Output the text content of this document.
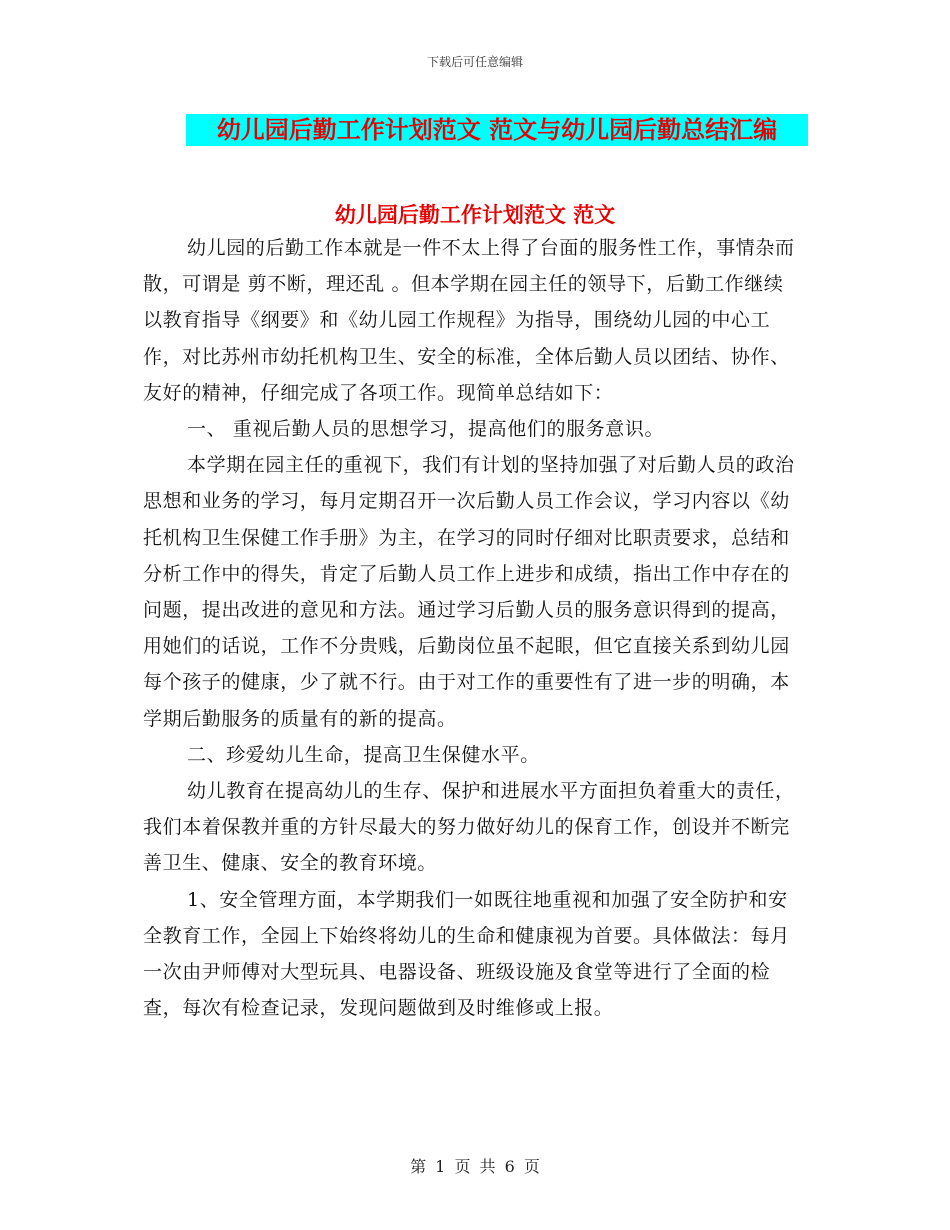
下载后可任意编辑
幼儿园后勤工作计划范文 范文与幼儿园后勤总结汇编
幼儿园后勤工作计划范文 范文

幼儿园的后勤工作本就是一件不太上得了台面的服务性工作，事情杂而散，可谓是 剪不断，理还乱 。但本学期在园主任的领导下，后勤工作继续以教育指导《纲要》和《幼儿园工作规程》为指导，围绕幼儿园的中心工作，对比苏州市幼托机构卫生、安全的标准，全体后勤人员以团结、协作、友好的精神，仔细完成了各项工作。现简单总结如下：

一、 重视后勤人员的思想学习，提高他们的服务意识。

本学期在园主任的重视下，我们有计划的坚持加强了对后勤人员的政治思想和业务的学习，每月定期召开一次后勤人员工作会议，学习内容以《幼托机构卫生保健工作手册》为主，在学习的同时仔细对比职责要求，总结和分析工作中的得失，肯定了后勤人员工作上进步和成绩，指出工作中存在的问题，提出改进的意见和方法。通过学习后勤人员的服务意识得到的提高，用她们的话说，工作不分贵贱，后勤岗位虽不起眼，但它直接关系到幼儿园每个孩子的健康，少了就不行。由于对工作的重要性有了进一步的明确，本学期后勤服务的质量有的新的提高。

二、珍爱幼儿生命，提高卫生保健水平。

幼儿教育在提高幼儿的生存、保护和进展水平方面担负着重大的责任，我们本着保教并重的方针尽最大的努力做好幼儿的保育工作，创设并不断完善卫生、健康、安全的教育环境。

1、安全管理方面，本学期我们一如既往地重视和加强了安全防护和安全教育工作，全园上下始终将幼儿的生命和健康视为首要。具体做法：每月一次由尹师傅对大型玩具、电器设备、班级设施及食堂等进行了全面的检查，每次有检查记录，发现问题做到及时维修或上报。

第 1 页 共 6 页
